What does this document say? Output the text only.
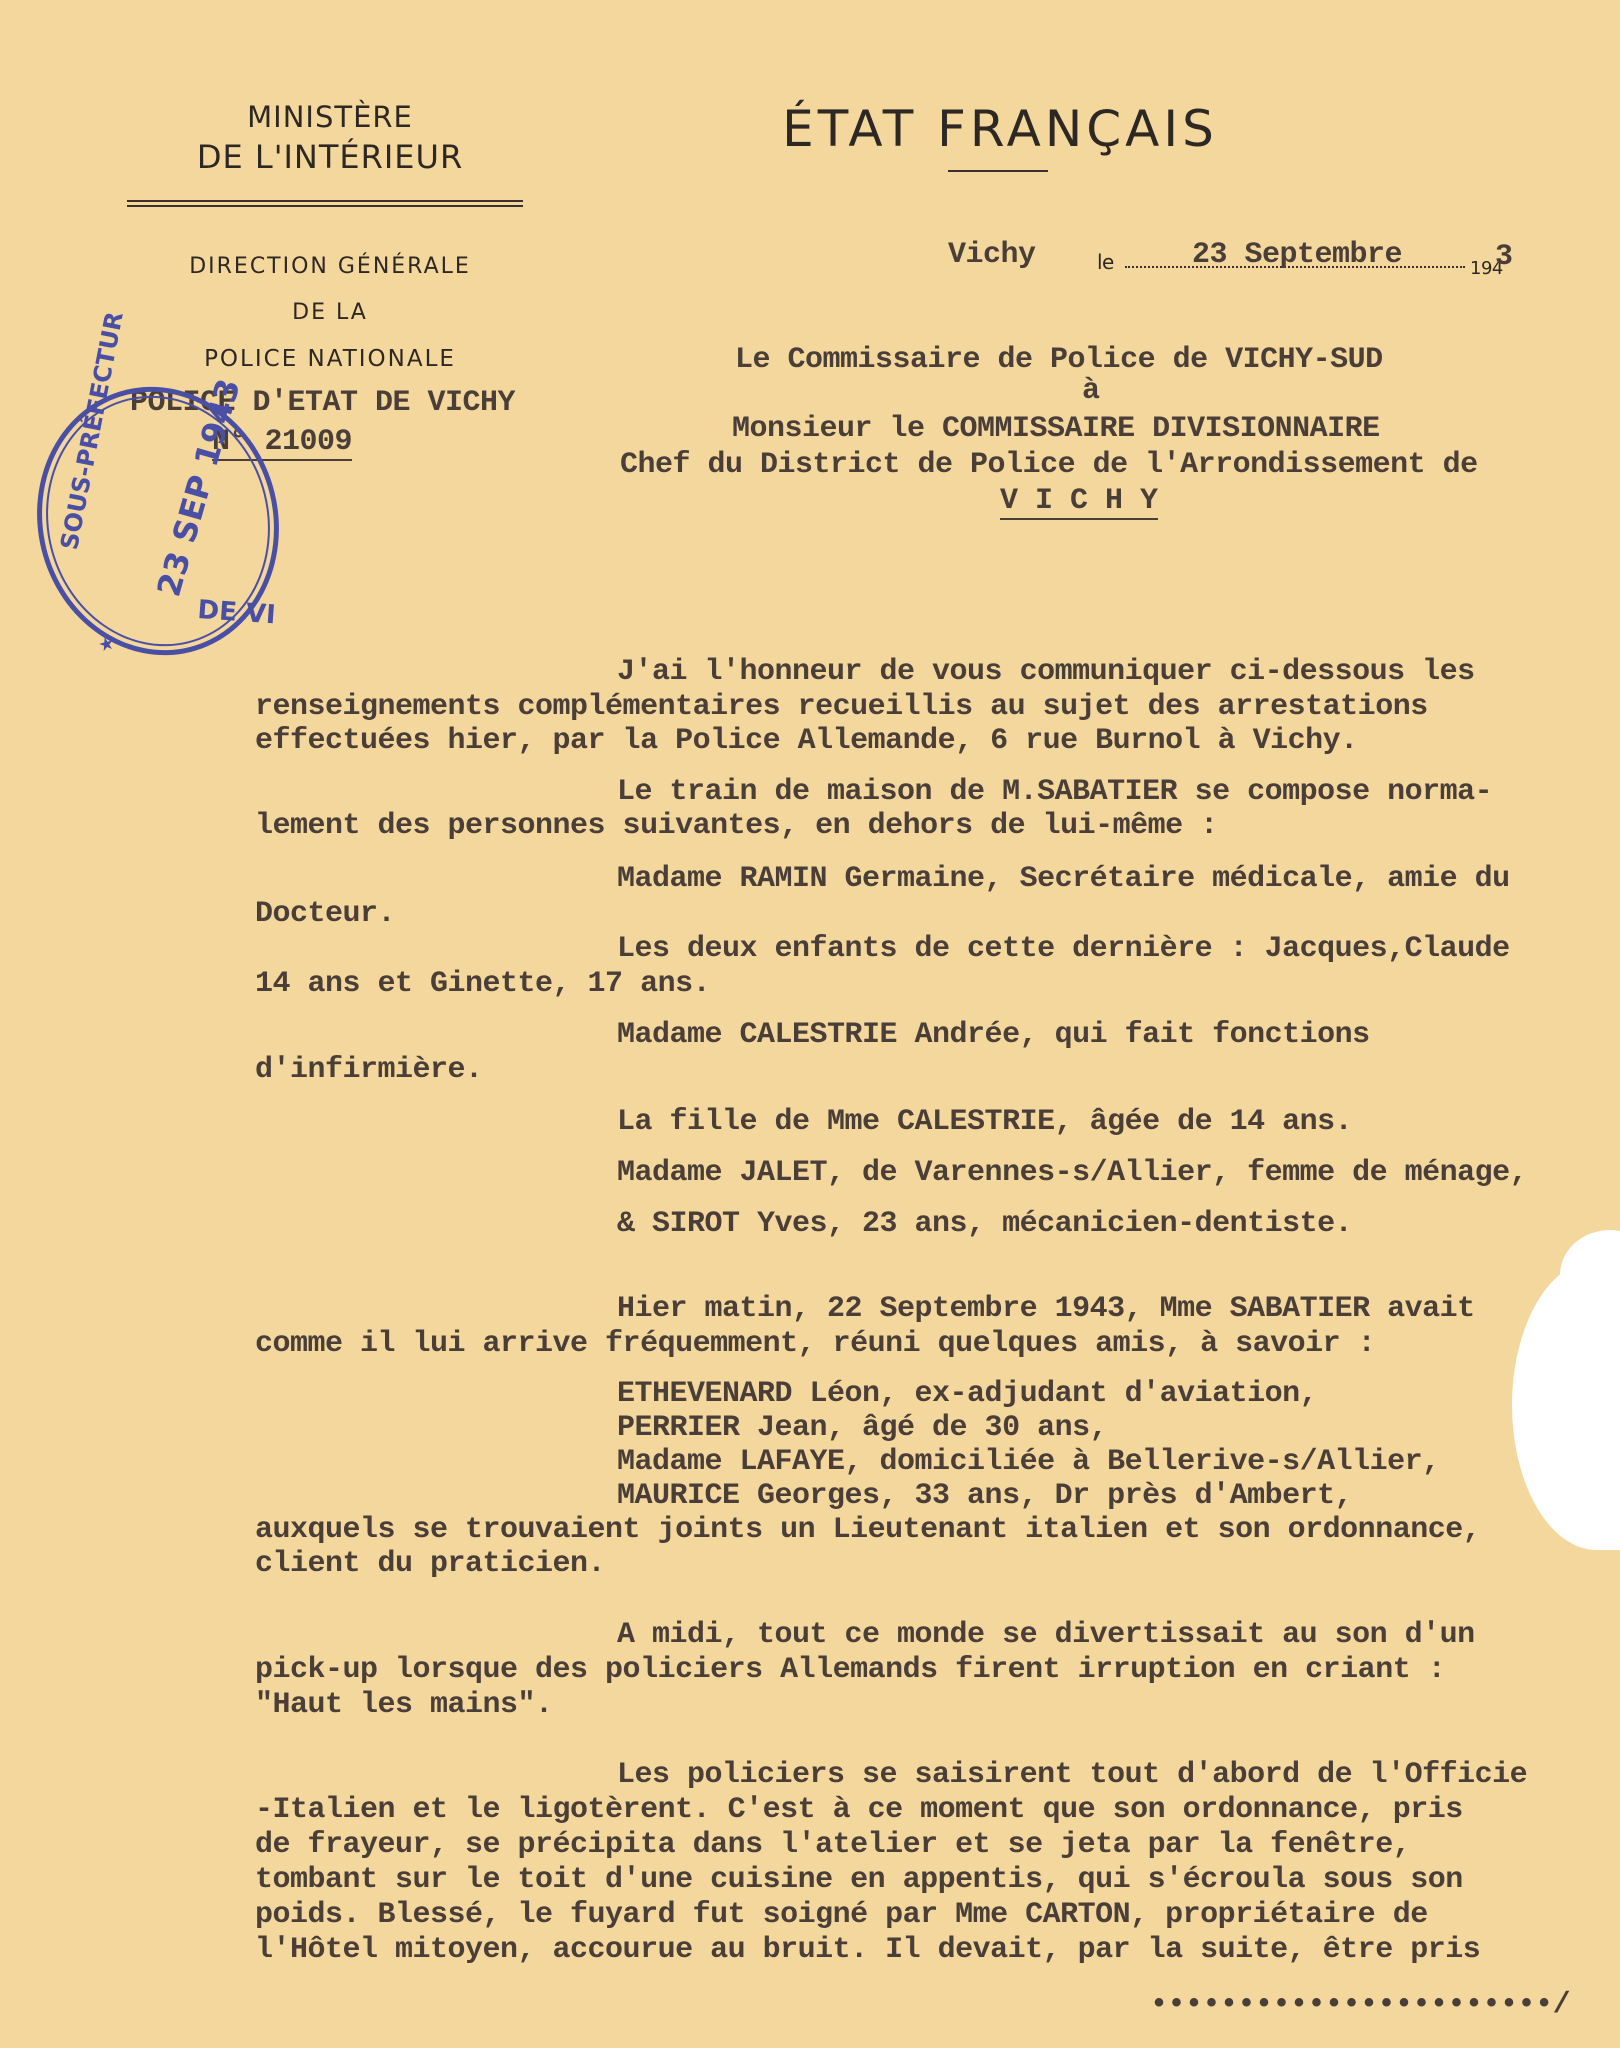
MINISTÈRE
DE L'INTÉRIEUR
DIRECTION GÉNÉRALE
DE LA
POLICE NATIONALE
ÉTAT FRANÇAIS
Vichy	le	23 Septembre	194
3
POLICE D'ETAT DE VICHY
N° 21009
SOUS-PRÉFECTUR 23 SEP 1943
DE VI
★
Le Commissaire de Police de VICHY-SUD
à
Monsieur le COMMISSAIRE DIVISIONNAIRE
Chef du District de Police de l'Arrondissement de
V I C H Y
J'ai l'honneur de vous communiquer ci-dessous les
renseignements complémentaires recueillis au sujet des arrestations
effectuées hier, par la Police Allemande, 6 rue Burnol à Vichy.
Le train de maison de M.SABATIER se compose norma-
lement des personnes suivantes, en dehors de lui-même :
Madame RAMIN Germaine, Secrétaire médicale, amie du
Docteur.
Les deux enfants de cette dernière : Jacques,Claude
14 ans et Ginette, 17 ans.
Madame CALESTRIE Andrée, qui fait fonctions
d'infirmière.
La fille de Mme CALESTRIE, âgée de 14 ans.
Madame JALET, de Varennes-s/Allier, femme de ménage,
& SIROT Yves, 23 ans, mécanicien-dentiste.
Hier matin, 22 Septembre 1943, Mme SABATIER avait
comme il lui arrive fréquemment, réuni quelques amis, à savoir :
ETHEVENARD Léon, ex-adjudant d'aviation,
PERRIER Jean, âgé de 30 ans,
Madame LAFAYE, domiciliée à Bellerive-s/Allier,
MAURICE Georges, 33 ans, Dr près d'Ambert,
auxquels se trouvaient joints un Lieutenant italien et son ordonnance,
client du praticien.
A midi, tout ce monde se divertissait au son d'un
pick-up lorsque des policiers Allemands firent irruption en criant :
"Haut les mains".
Les policiers se saisirent tout d'abord de l'Officie
-Italien et le ligotèrent. C'est à ce moment que son ordonnance, pris
de frayeur, se précipita dans l'atelier et se jeta par la fenêtre,
tombant sur le toit d'une cuisine en appentis, qui s'écroula sous son
poids. Blessé, le fuyard fut soigné par Mme CARTON, propriétaire de
l'Hôtel mitoyen, accourue au bruit. Il devait, par la suite, être pris
•••••••••••••••••••••••/
